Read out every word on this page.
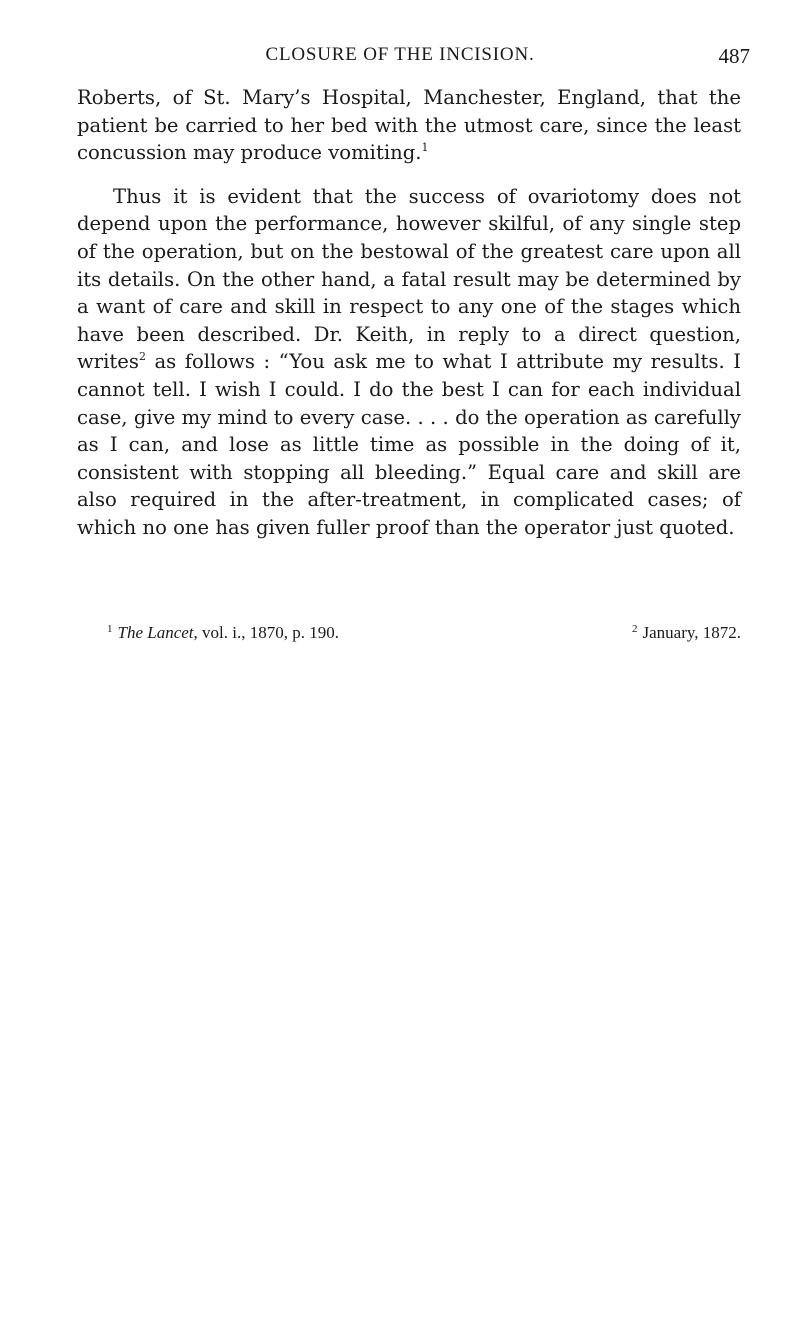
CLOSURE OF THE INCISION.	487

Roberts, of St. Mary’s Hospital, Manchester, England, that the patient be carried to her bed with the utmost care, since the least concussion may produce vomiting.$^1$

Thus it is evident that the success of ovariotomy does not depend upon the performance, however skilful, of any single step of the operation, but on the bestowal of the greatest care upon all its details. On the other hand, a fatal result may be determined by a want of care and skill in respect to any one of the stages which have been described. Dr. Keith, in reply to a direct question, writes$^2$ as follows : “You ask me to what I attribute my results. I cannot tell. I wish I could. I do the best I can for each individual case, give my mind to every case. . . . do the operation as carefully as I can, and lose as little time as possible in the doing of it, consistent with stopping all bleeding.” Equal care and skill are also required in the after-treatment, in complicated cases; of which no one has given fuller proof than the operator just quoted.

$^1$ The Lancet, vol. i., 1870, p. 190.	$^2$ January, 1872.
